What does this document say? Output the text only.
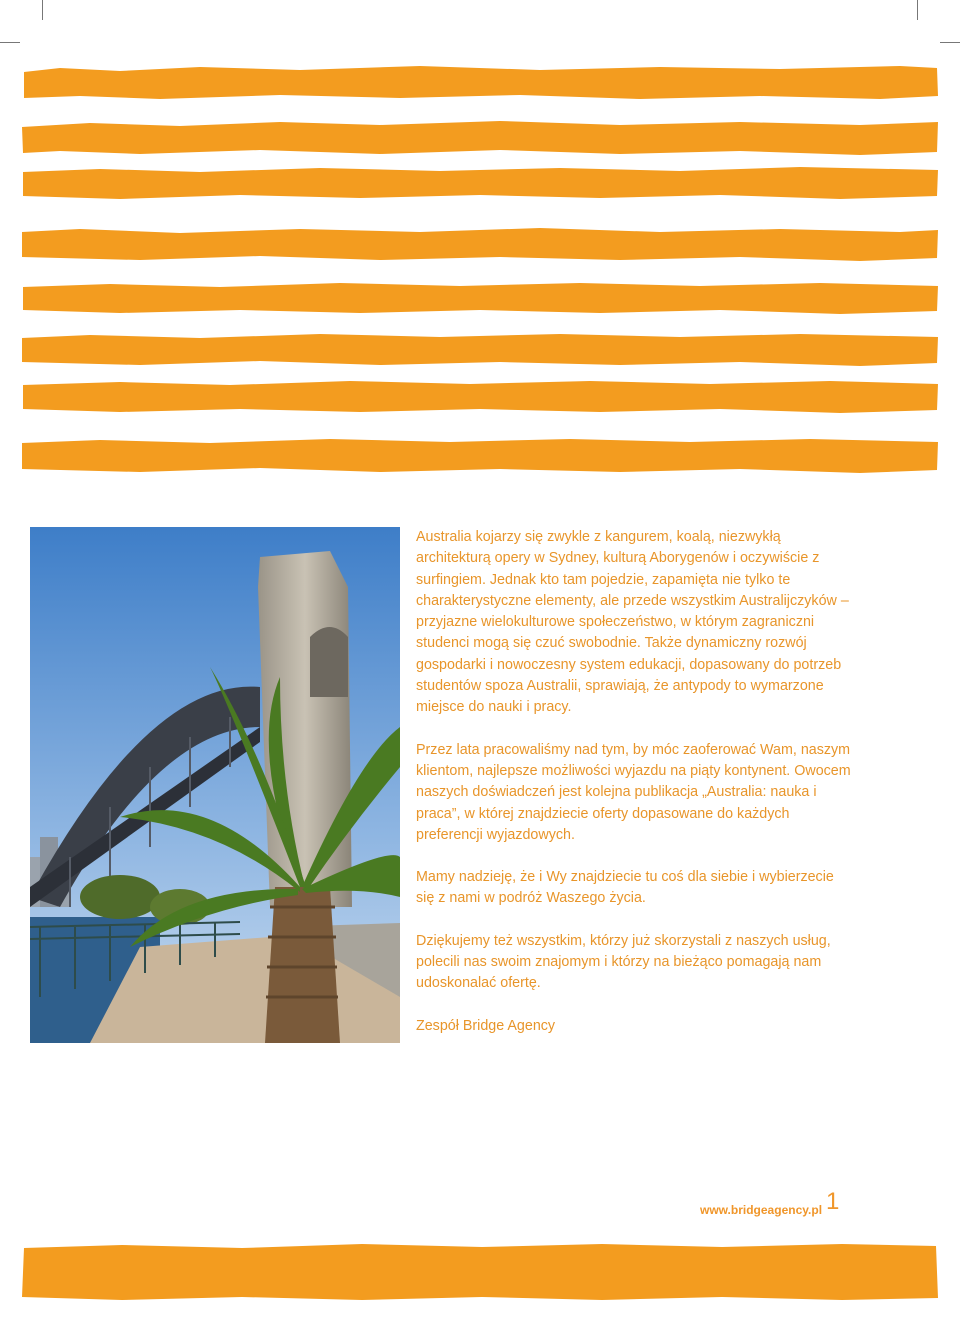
Australia kojarzy się zwykle z kangurem, koalą, niezwykłą architekturą opery w Sydney, kulturą Aborygenów i oczywiście z surfingiem. Jednak kto tam pojedzie, zapamięta nie tylko te charakterystyczne elementy, ale przede wszystkim Australijczyków – przyjazne wielokulturowe społeczeństwo, w którym zagraniczni studenci mogą się czuć swobodnie. Także dynamiczny rozwój gospodarki i nowoczesny system edukacji, dopasowany do potrzeb studentów spoza Australii, sprawiają, że antypody to wymarzone miejsce do nauki i pracy.

Przez lata pracowaliśmy nad tym, by móc zaoferować Wam, naszym klientom, najlepsze możliwości wyjazdu na piąty kontynent. Owocem naszych doświadczeń jest kolejna publikacja „Australia: nauka i praca”, w której znajdziecie oferty dopasowane do każdych preferencji wyjazdowych.

Mamy nadzieję, że i Wy znajdziecie tu coś dla siebie i wybierzecie się z nami w podróż Waszego życia.

Dziękujemy też wszystkim, którzy już skorzystali z naszych usług, polecili nas swoim znajomym i którzy na bieżąco pomagają nam udoskonalać ofertę.

Zespół Bridge Agency

www.bridgeagency.pl 1
